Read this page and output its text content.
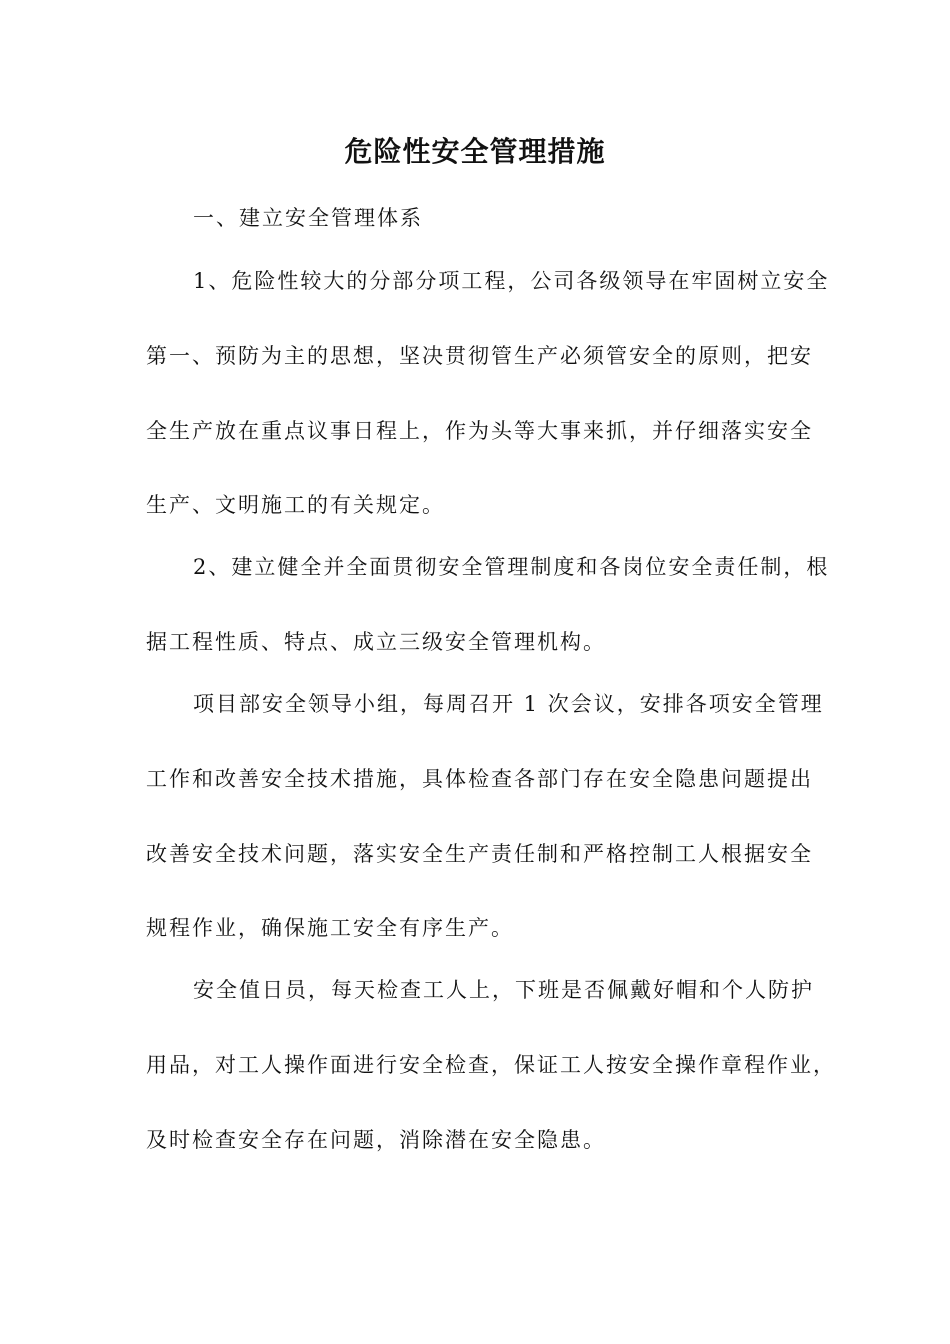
危险性安全管理措施
一、建立安全管理体系
1、危险性较大的分部分项工程，公司各级领导在牢固树立安全
第一、预防为主的思想，坚决贯彻管生产必须管安全的原则，把安
全生产放在重点议事日程上，作为头等大事来抓，并仔细落实安全
生产、文明施工的有关规定。
2、建立健全并全面贯彻安全管理制度和各岗位安全责任制，根
据工程性质、特点、成立三级安全管理机构。
项目部安全领导小组，每周召开 1 次会议，安排各项安全管理
工作和改善安全技术措施，具体检查各部门存在安全隐患问题提出
改善安全技术问题，落实安全生产责任制和严格控制工人根据安全
规程作业，确保施工安全有序生产。
安全值日员，每天检查工人上，下班是否佩戴好帽和个人防护
用品，对工人操作面进行安全检查，保证工人按安全操作章程作业，
及时检查安全存在问题，消除潜在安全隐患。
